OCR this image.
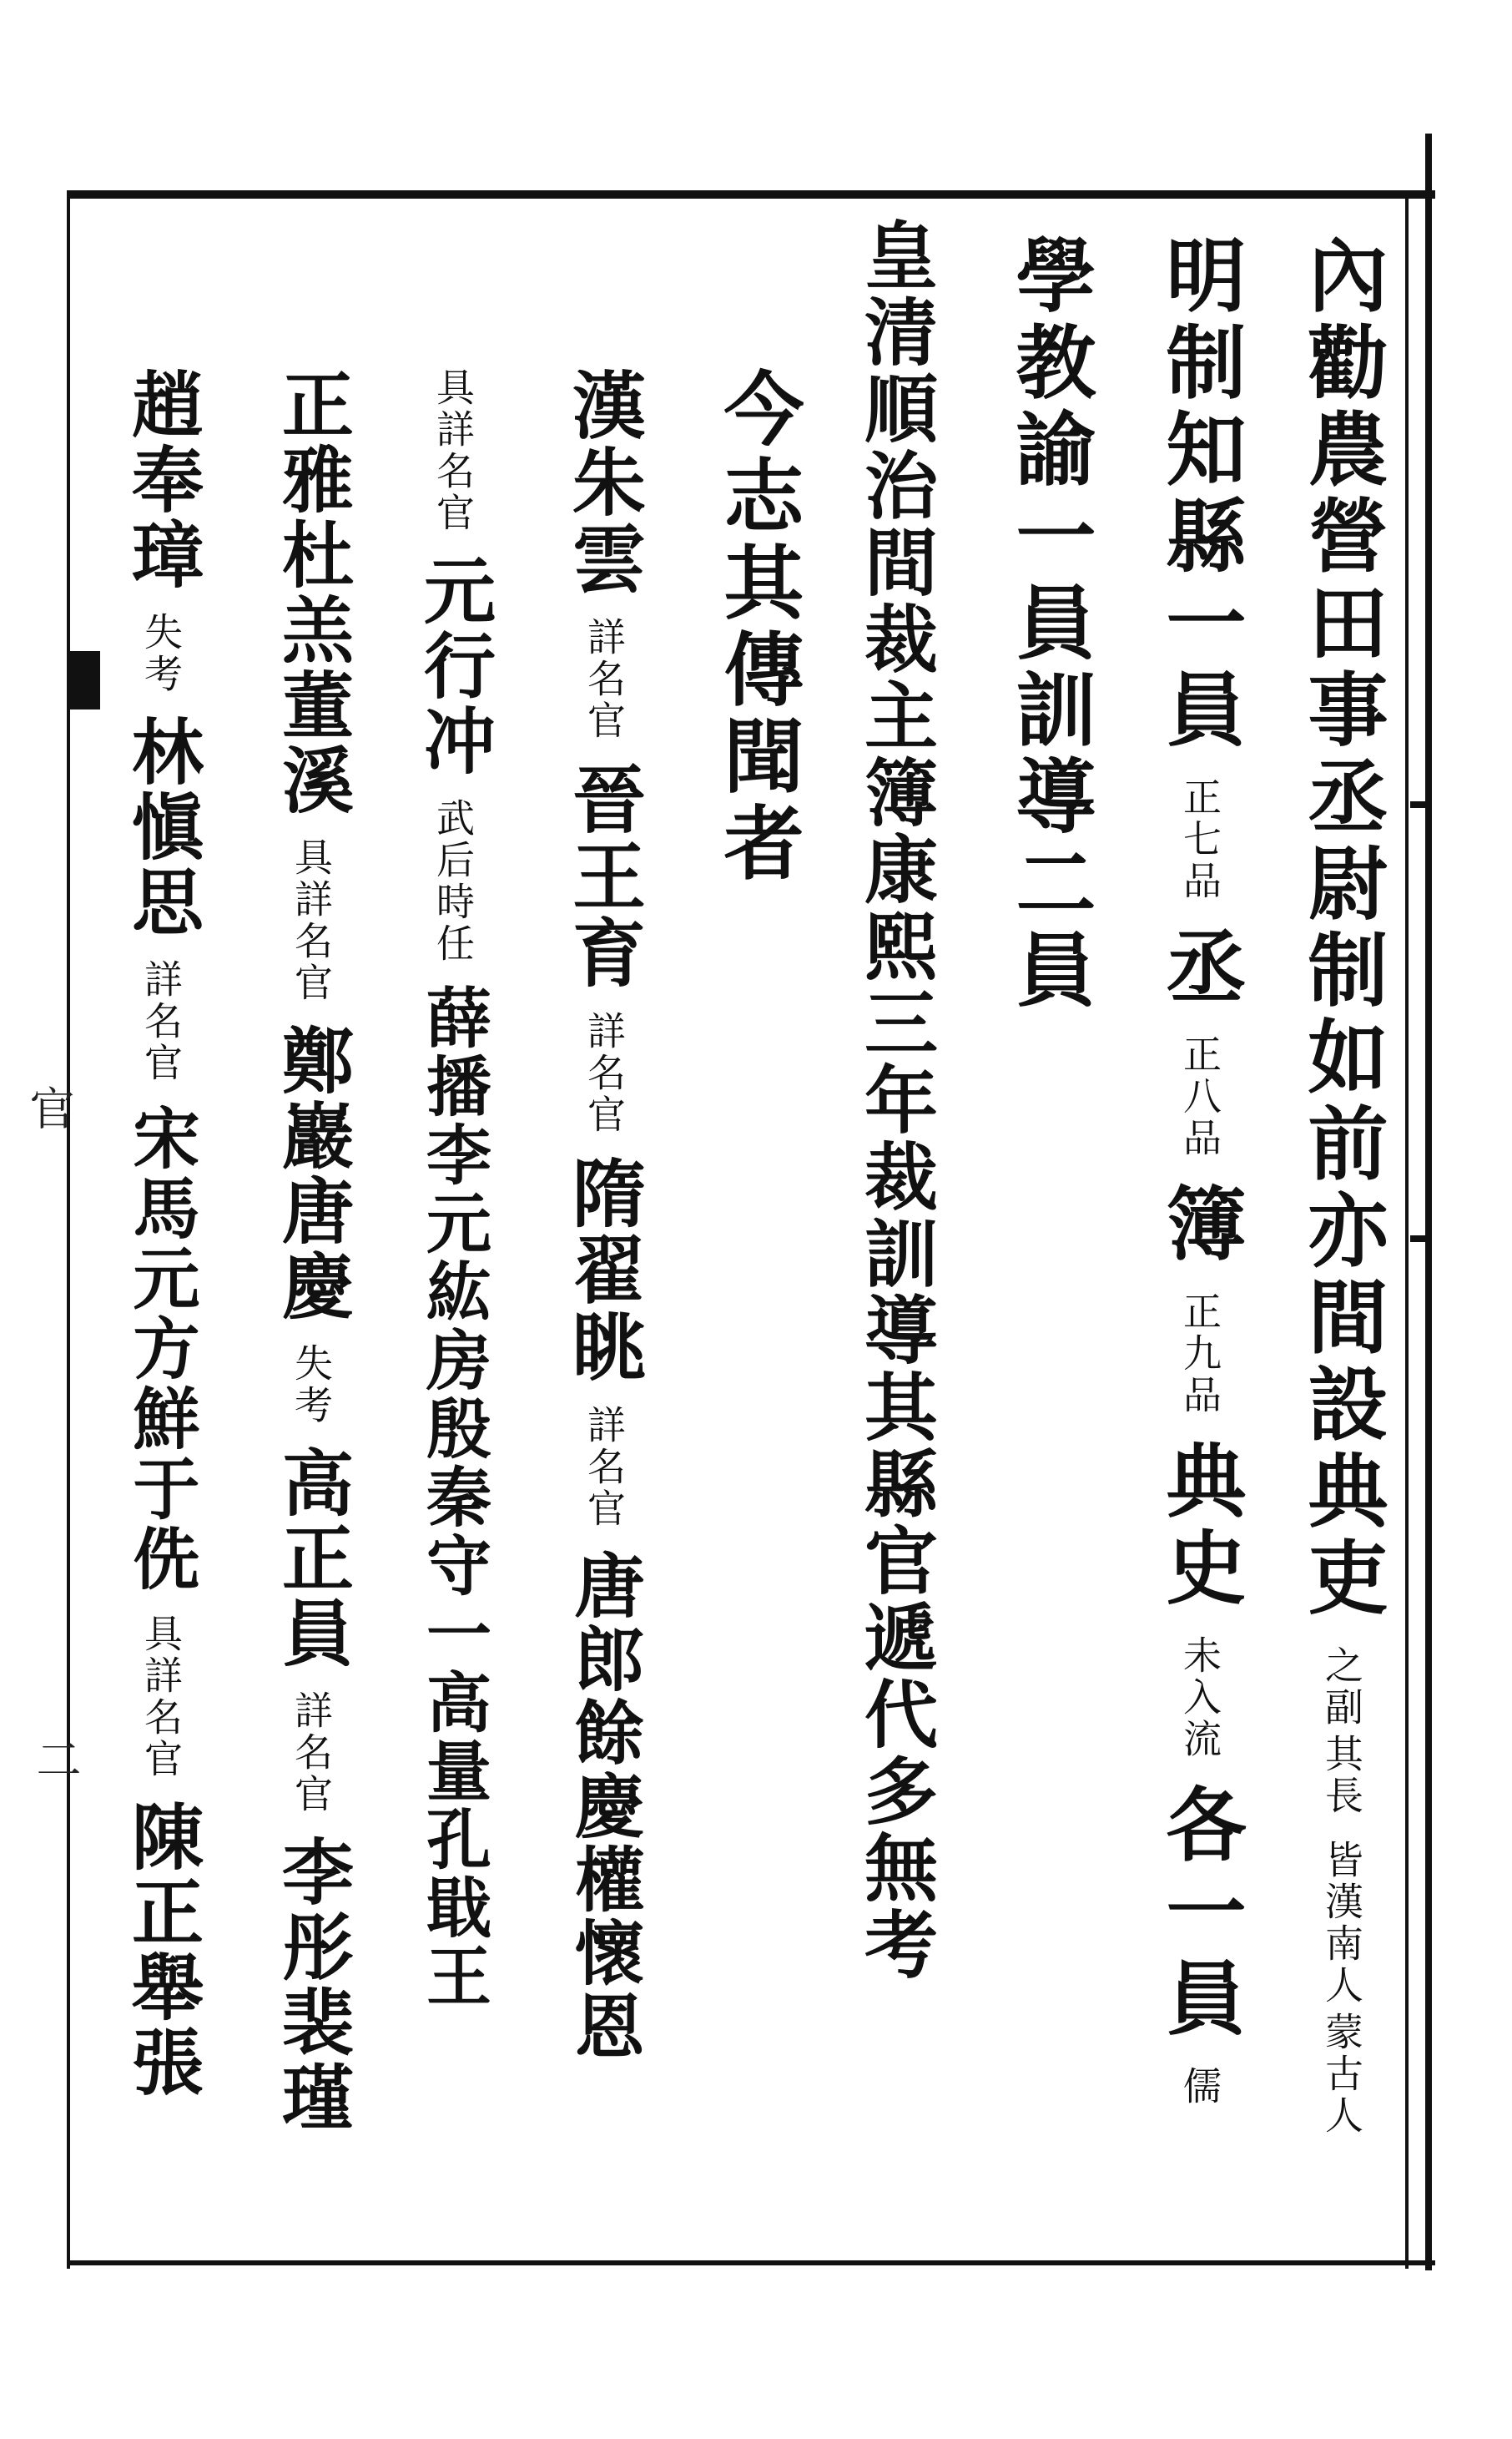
官
二
內勸農營田事丞尉制如前亦間設典吏
其長
之副

蒙古人
皆漢南人
明制知縣一員 正七品 丞 正八品 簿 正九品 典史 未入流 各一員 儒
學教諭一員訓導二員
皇清順治間裁主簿康熙三年裁訓導其縣官遞代多無考
今志其傳聞者
漢朱雲 詳名官 晉王育 詳名官 隋翟眺 詳名官 唐郎餘慶權懷恩
具詳名官 元行冲 武后時任 薛播李元紘房殷秦守一高量孔戢王
正雅杜羔董溪 具詳名官 鄭巖唐慶 失考 高正員 詳名官 李彤裴瑾
趙奉璋 失考 林愼思 詳名官 宋馬元方鮮于侁 具詳名官 陳正舉張
